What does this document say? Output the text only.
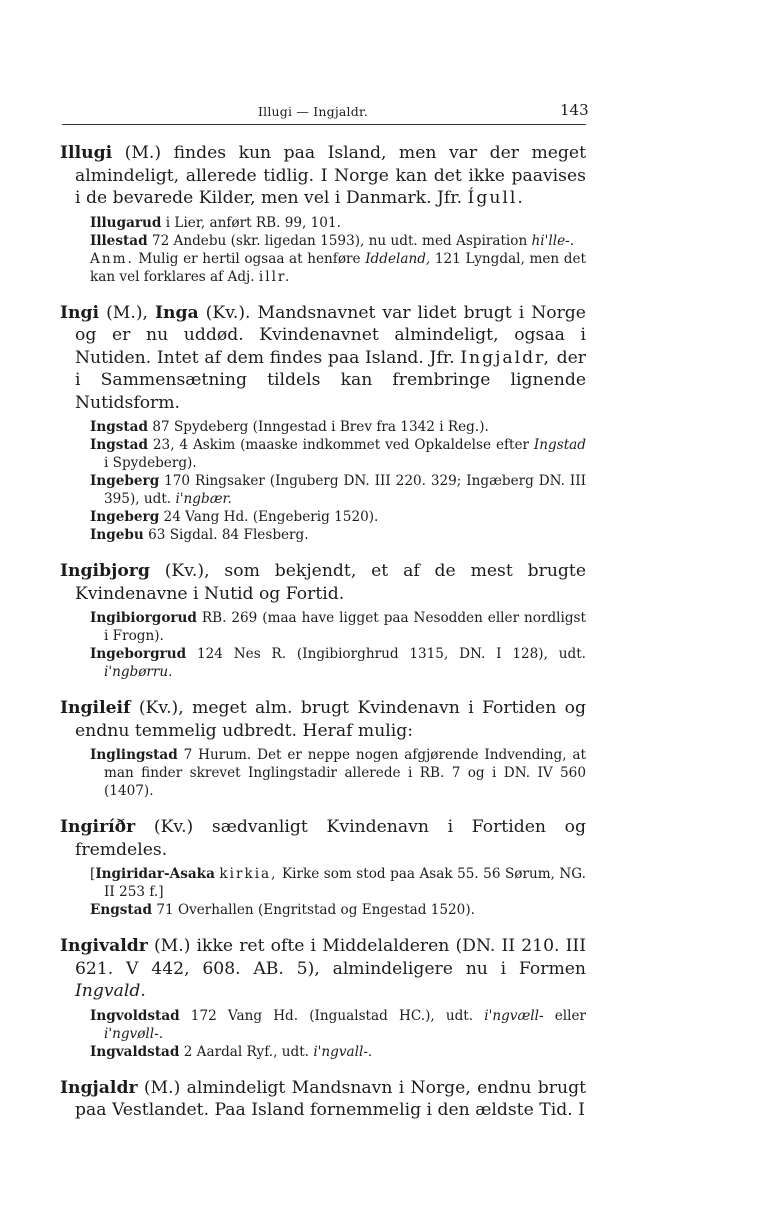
Illugi — Ingjaldr.	143

Illugi (M.) findes kun paa Island, men var der meget almindeligt, allerede tidlig. I Norge kan det ikke paavises i de bevarede Kilder, men vel i Danmark. Jfr. Ígull.

Illugarud i Lier, anført RB. 99, 101.

Illestad 72 Andebu (skr. ligedan 1593), nu udt. med Aspiration hi'lle-.

Anm. Mulig er hertil ogsaa at henføre Iddeland, 121 Lyngdal, men det kan vel forklares af Adj. illr.

Ingi (M.), Inga (Kv.). Mandsnavnet var lidet brugt i Norge og er nu uddød. Kvindenavnet almindeligt, ogsaa i Nutiden. Intet af dem findes paa Island. Jfr. Ingjaldr, der i Sammensætning tildels kan frembringe lignende Nutidsform.

Ingstad 87 Spydeberg (Inngestad i Brev fra 1342 i Reg.).

Ingstad 23, 4 Askim (maaske indkommet ved Opkaldelse efter Ingstad i Spydeberg).

Ingeberg 170 Ringsaker (Inguberg DN. III 220. 329; Ingæberg DN. III 395), udt. i'ngbær.

Ingeberg 24 Vang Hd. (Engeberig 1520).

Ingebu 63 Sigdal. 84 Flesberg.

Ingibjorg (Kv.), som bekjendt, et af de mest brugte Kvindenavne i Nutid og Fortid.

Ingibiorgorud RB. 269 (maa have ligget paa Nesodden eller nordligst i Frogn).

Ingeborgrud 124 Nes R. (Ingibiorghrud 1315, DN. I 128), udt. i'ngbørru.

Ingileif (Kv.), meget alm. brugt Kvindenavn i Fortiden og endnu temmelig udbredt. Heraf mulig:

Inglingstad 7 Hurum. Det er neppe nogen afgjørende Indvending, at man finder skrevet Inglingstadir allerede i RB. 7 og i DN. IV 560 (1407).

Ingiríðr (Kv.) sædvanligt Kvindenavn i Fortiden og fremdeles.

[Ingiridar-Asaka kirkia, Kirke som stod paa Asak 55. 56 Sørum, NG. II 253 f.]

Engstad 71 Overhallen (Engritstad og Engestad 1520).

Ingivaldr (M.) ikke ret ofte i Middelalderen (DN. II 210. III 621. V 442, 608. AB. 5), almindeligere nu i Formen Ingvald.

Ingvoldstad 172 Vang Hd. (Ingualstad HC.), udt. i'ngvæll- eller i'ngvøll-.

Ingvaldstad 2 Aardal Ryf., udt. i'ngvall-.

Ingjaldr (M.) almindeligt Mandsnavn i Norge, endnu brugt paa Vestlandet. Paa Island fornemmelig i den ældste Tid. I
